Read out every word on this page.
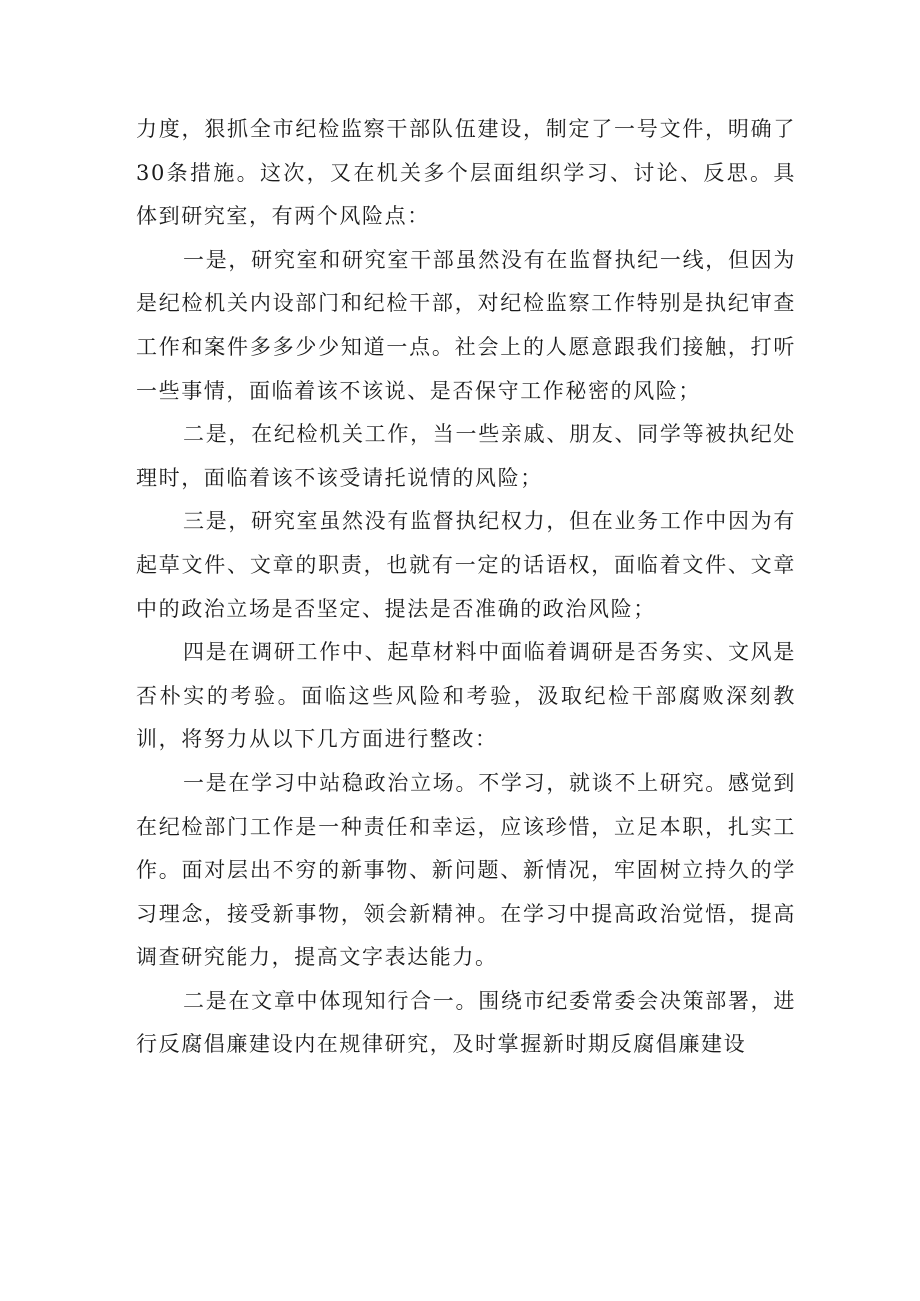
力度，狠抓全市纪检监察干部队伍建设，制定了一号文件，明确了30条措施。这次，又在机关多个层面组织学习、讨论、反思。具体到研究室，有两个风险点：

一是，研究室和研究室干部虽然没有在监督执纪一线，但因为是纪检机关内设部门和纪检干部，对纪检监察工作特别是执纪审查工作和案件多多少少知道一点。社会上的人愿意跟我们接触，打听一些事情，面临着该不该说、是否保守工作秘密的风险；

二是，在纪检机关工作，当一些亲戚、朋友、同学等被执纪处理时，面临着该不该受请托说情的风险；

三是，研究室虽然没有监督执纪权力，但在业务工作中因为有起草文件、文章的职责，也就有一定的话语权，面临着文件、文章中的政治立场是否坚定、提法是否准确的政治风险；

四是在调研工作中、起草材料中面临着调研是否务实、文风是否朴实的考验。面临这些风险和考验，汲取纪检干部腐败深刻教训，将努力从以下几方面进行整改：

一是在学习中站稳政治立场。不学习，就谈不上研究。感觉到在纪检部门工作是一种责任和幸运，应该珍惜，立足本职，扎实工作。面对层出不穷的新事物、新问题、新情况，牢固树立持久的学习理念，接受新事物，领会新精神。在学习中提高政治觉悟，提高调查研究能力，提高文字表达能力。

二是在文章中体现知行合一。围绕市纪委常委会决策部署，进行反腐倡廉建设内在规律研究，及时掌握新时期反腐倡廉建设
